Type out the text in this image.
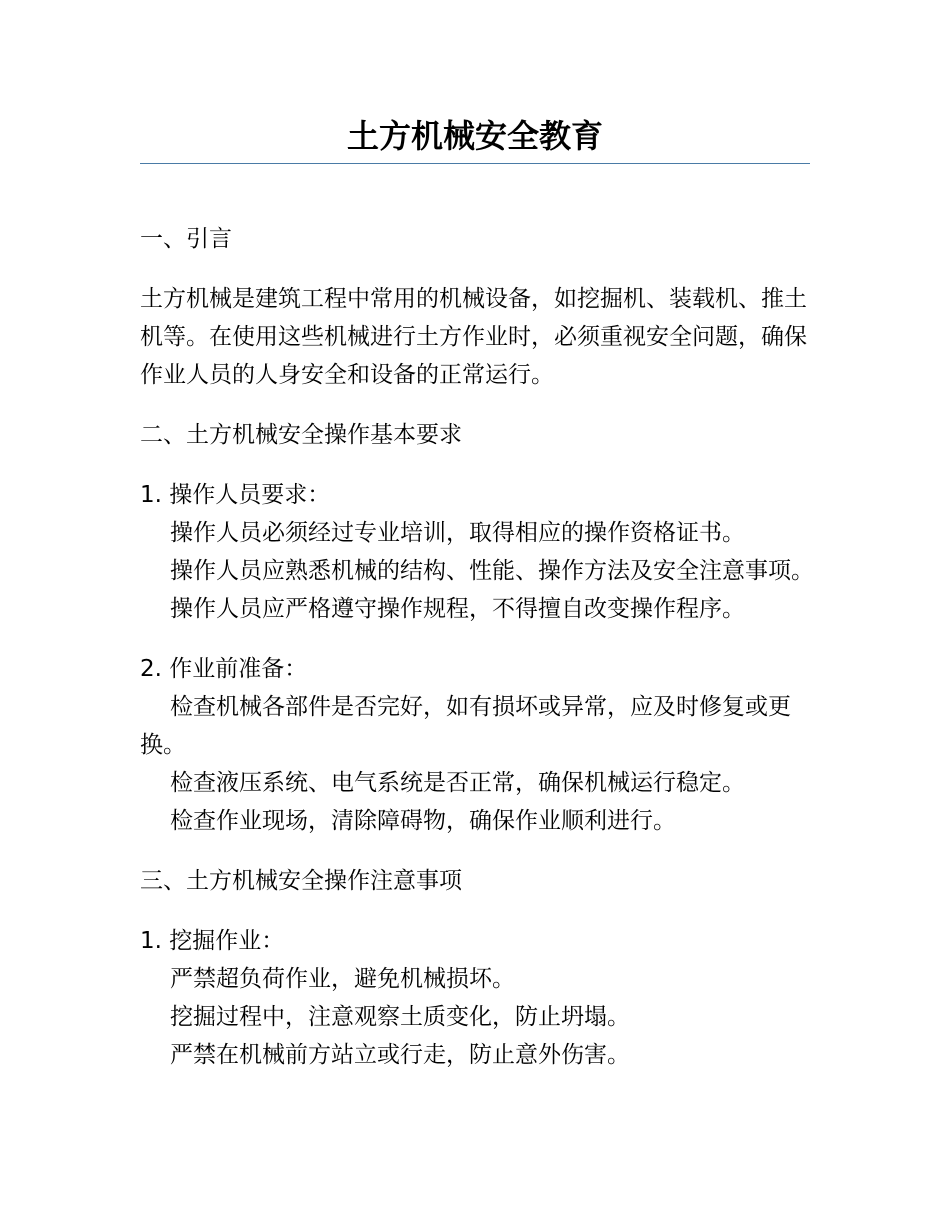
土方机械安全教育
一、引言
土方机械是建筑工程中常用的机械设备，如挖掘机、装载机、推土机等。在使用这些机械进行土方作业时，必须重视安全问题，确保作业人员的人身安全和设备的正常运行。
二、土方机械安全操作基本要求
1. 操作人员要求：
操作人员必须经过专业培训，取得相应的操作资格证书。
操作人员应熟悉机械的结构、性能、操作方法及安全注意事项。
操作人员应严格遵守操作规程，不得擅自改变操作程序。
2. 作业前准备：
检查机械各部件是否完好，如有损坏或异常，应及时修复或更换。
检查液压系统、电气系统是否正常，确保机械运行稳定。
检查作业现场，清除障碍物，确保作业顺利进行。
三、土方机械安全操作注意事项
1. 挖掘作业：
严禁超负荷作业，避免机械损坏。
挖掘过程中，注意观察土质变化，防止坍塌。
严禁在机械前方站立或行走，防止意外伤害。
